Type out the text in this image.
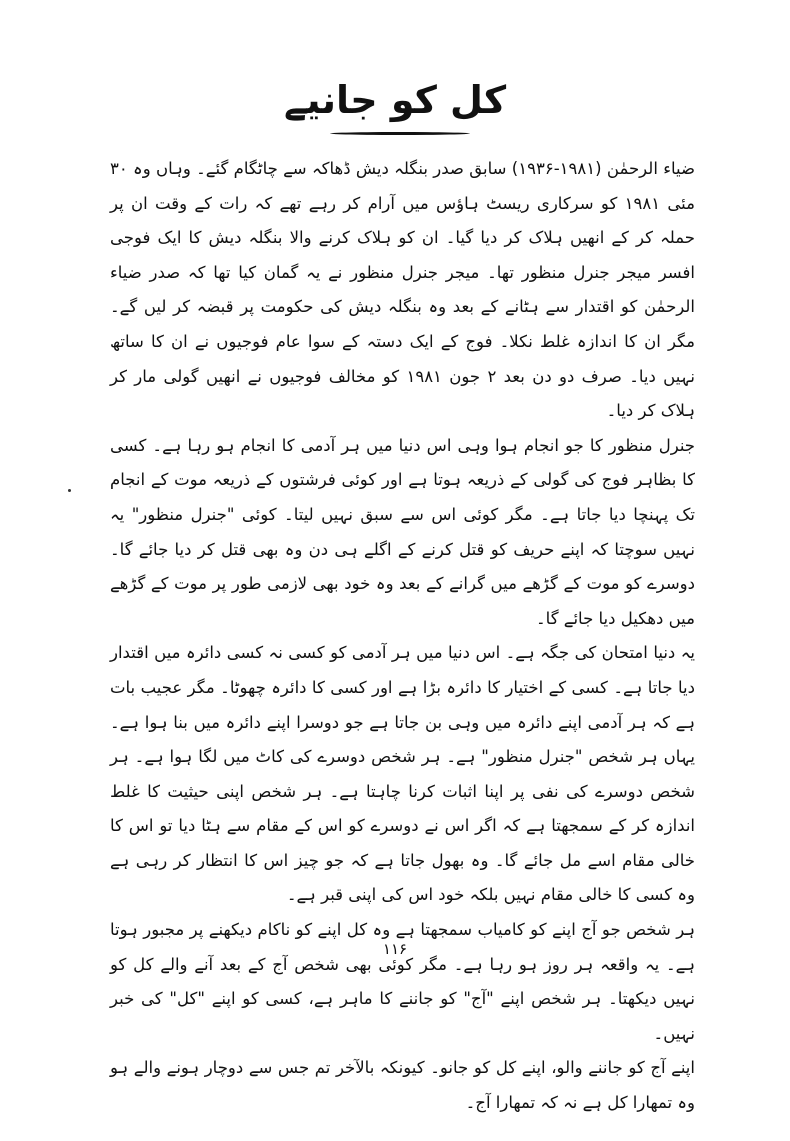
کل کو جانیے

ضیاء الرحمٰن (۱۹۸۱-۱۹۳۶) سابق صدر بنگلہ دیش ڈھاکہ سے چاٹگام گئے۔ وہاں وہ ۳۰ مئی ۱۹۸۱ کو سرکاری ریسٹ ہاؤس میں آرام کر رہے تھے کہ رات کے وقت ان پر حملہ کر کے انھیں ہلاک کر دیا گیا۔ ان کو ہلاک کرنے والا بنگلہ دیش کا ایک فوجی افسر میجر جنرل منظور تھا۔ میجر جنرل منظور نے یہ گمان کیا تھا کہ صدر ضیاء الرحمٰن کو اقتدار سے ہٹانے کے بعد وہ بنگلہ دیش کی حکومت پر قبضہ کر لیں گے۔ مگر ان کا اندازہ غلط نکلا۔ فوج کے ایک دستہ کے سوا عام فوجیوں نے ان کا ساتھ نہیں دیا۔ صرف دو دن بعد ۲ جون ۱۹۸۱ کو مخالف فوجیوں نے انھیں گولی مار کر ہلاک کر دیا۔

جنرل منظور کا جو انجام ہوا وہی اس دنیا میں ہر آدمی کا انجام ہو رہا ہے۔ کسی کا بظاہر فوج کی گولی کے ذریعہ ہوتا ہے اور کوئی فرشتوں کے ذریعہ موت کے انجام تک پہنچا دیا جاتا ہے۔ مگر کوئی اس سے سبق نہیں لیتا۔ کوئی "جنرل منظور" یہ نہیں سوچتا کہ اپنے حریف کو قتل کرنے کے اگلے ہی دن وہ بھی قتل کر دیا جائے گا۔ دوسرے کو موت کے گڑھے میں گرانے کے بعد وہ خود بھی لازمی طور پر موت کے گڑھے میں دھکیل دیا جائے گا۔

یہ دنیا امتحان کی جگہ ہے۔ اس دنیا میں ہر آدمی کو کسی نہ کسی دائرہ میں اقتدار دیا جاتا ہے۔ کسی کے اختیار کا دائرہ بڑا ہے اور کسی کا دائرہ چھوٹا۔ مگر عجیب بات ہے کہ ہر آدمی اپنے دائرہ میں وہی بن جاتا ہے جو دوسرا اپنے دائرہ میں بنا ہوا ہے۔ یہاں ہر شخص "جنرل منظور" ہے۔ ہر شخص دوسرے کی کاٹ میں لگا ہوا ہے۔ ہر شخص دوسرے کی نفی پر اپنا اثبات کرنا چاہتا ہے۔ ہر شخص اپنی حیثیت کا غلط اندازہ کر کے سمجھتا ہے کہ اگر اس نے دوسرے کو اس کے مقام سے ہٹا دیا تو اس کا خالی مقام اسے مل جائے گا۔ وہ بھول جاتا ہے کہ جو چیز اس کا انتظار کر رہی ہے وہ کسی کا خالی مقام نہیں بلکہ خود اس کی اپنی قبر ہے۔

ہر شخص جو آج اپنے کو کامیاب سمجھتا ہے وہ کل اپنے کو ناکام دیکھنے پر مجبور ہوتا ہے۔ یہ واقعہ ہر روز ہو رہا ہے۔ مگر کوئی بھی شخص آج کے بعد آنے والے کل کو نہیں دیکھتا۔ ہر شخص اپنے "آج" کو جاننے کا ماہر ہے، کسی کو اپنے "کل" کی خبر نہیں۔

اپنے آج کو جاننے والو، اپنے کل کو جانو۔ کیونکہ بالآخر تم جس سے دوچار ہونے والے ہو وہ تمھارا کل ہے نہ کہ تمھارا آج۔

۱۱۶
